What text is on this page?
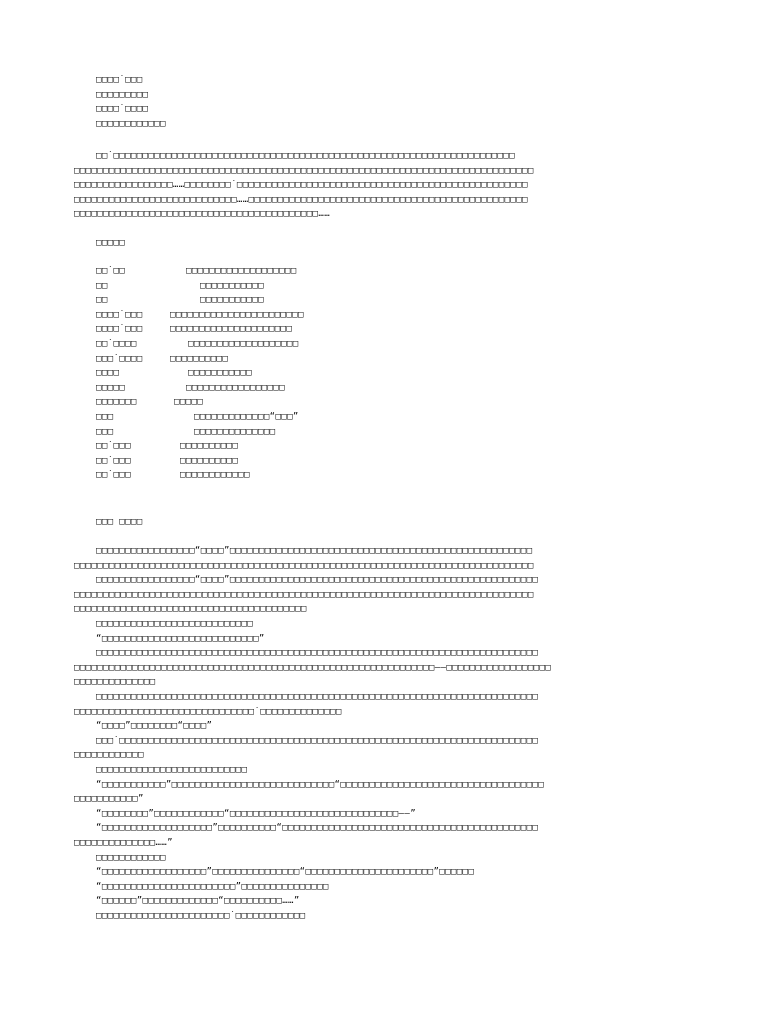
□□□□˙□□□
□□□□□□□□□
□□□□˙□□□□
□□□□□□□□□□□□
□□˙□□□□□□□□□□□□□□□□□□□□□□□□□□□□□□□□□□□□□□□□□□□□□□□□□□□□□□□□□□□□□□□□□□□□□
□□□□□□□□□□□□□□□□□□□□□□□□□□□□□□□□□□□□□□□□□□□□□□□□□□□□□□□□□□□□□□□□□□□□□□□□□□□□□□□
□□□□□□□□□□□□□□□□□……□□□□□□□□˙□□□□□□□□□□□□□□□□□□□□□□□□□□□□□□□□□□□□□□□□□□□□□□□□□□
□□□□□□□□□□□□□□□□□□□□□□□□□□□□……□□□□□□□□□□□□□□□□□□□□□□□□□□□□□□□□□□□□□□□□□□□□□□□□
□□□□□□□□□□□□□□□□□□□□□□□□□□□□□□□□□□□□□□□□□□……
□□□□□
□□˙□□	□□□□□□□□□□□□□□□□□□□
□□	□□□□□□□□□□□
□□	□□□□□□□□□□□
□□□□˙□□□	□□□□□□□□□□□□□□□□□□□□□□□
□□□□˙□□□	□□□□□□□□□□□□□□□□□□□□□
□□˙□□□□	□□□□□□□□□□□□□□□□□□□
□□□˙□□□□	□□□□□□□□□□
□□□□	□□□□□□□□□□□
□□□□□	□□□□□□□□□□□□□□□□□
□□□□□□□	□□□□□
□□□	□□□□□□□□□□□□□“□□□”
□□□	□□□□□□□□□□□□□□
□□˙□□□	□□□□□□□□□□
□□˙□□□	□□□□□□□□□□
□□˙□□□	□□□□□□□□□□□□
□□□ □□□□
□□□□□□□□□□□□□□□□□“□□□□”□□□□□□□□□□□□□□□□□□□□□□□□□□□□□□□□□□□□□□□□□□□□□□□□□□□□
□□□□□□□□□□□□□□□□□□□□□□□□□□□□□□□□□□□□□□□□□□□□□□□□□□□□□□□□□□□□□□□□□□□□□□□□□□□□□□□
□□□□□□□□□□□□□□□□□“□□□□”□□□□□□□□□□□□□□□□□□□□□□□□□□□□□□□□□□□□□□□□□□□□□□□□□□□□□
□□□□□□□□□□□□□□□□□□□□□□□□□□□□□□□□□□□□□□□□□□□□□□□□□□□□□□□□□□□□□□□□□□□□□□□□□□□□□□□
□□□□□□□□□□□□□□□□□□□□□□□□□□□□□□□□□□□□□□□□
□□□□□□□□□□□□□□□□□□□□□□□□□□□
“□□□□□□□□□□□□□□□□□□□□□□□□□□□”
□□□□□□□□□□□□□□□□□□□□□□□□□□□□□□□□□□□□□□□□□□□□□□□□□□□□□□□□□□□□□□□□□□□□□□□□□□□□
□□□□□□□□□□□□□□□□□□□□□□□□□□□□□□□□□□□□□□□□□□□□□□□□□□□□□□□□□□□□□□——□□□□□□□□□□□□□□□□□□
□□□□□□□□□□□□□□
□□□□□□□□□□□□□□□□□□□□□□□□□□□□□□□□□□□□□□□□□□□□□□□□□□□□□□□□□□□□□□□□□□□□□□□□□□□□
□□□□□□□□□□□□□□□□□□□□□□□□□□□□□□□˙□□□□□□□□□□□□□□
“□□□□”□□□□□□□□“□□□□”
□□□˙□□□□□□□□□□□□□□□□□□□□□□□□□□□□□□□□□□□□□□□□□□□□□□□□□□□□□□□□□□□□□□□□□□□□□□□□
□□□□□□□□□□□□
□□□□□□□□□□□□□□□□□□□□□□□□□□
“□□□□□□□□□□□”□□□□□□□□□□□□□□□□□□□□□□□□□□□□“□□□□□□□□□□□□□□□□□□□□□□□□□□□□□□□□□□□
□□□□□□□□□□□”
“□□□□□□□□”□□□□□□□□□□□□“□□□□□□□□□□□□□□□□□□□□□□□□□□□□□——”
“□□□□□□□□□□□□□□□□□□□”□□□□□□□□□□“□□□□□□□□□□□□□□□□□□□□□□□□□□□□□□□□□□□□□□□□□□□□
□□□□□□□□□□□□□□……”
□□□□□□□□□□□□
“□□□□□□□□□□□□□□□□□□”□□□□□□□□□□□□□□□“□□□□□□□□□□□□□□□□□□□□□□”□□□□□□
“□□□□□□□□□□□□□□□□□□□□□□□”□□□□□□□□□□□□□□□
“□□□□□□”□□□□□□□□□□□□□“□□□□□□□□□□……”
□□□□□□□□□□□□□□□□□□□□□□□˙□□□□□□□□□□□□
